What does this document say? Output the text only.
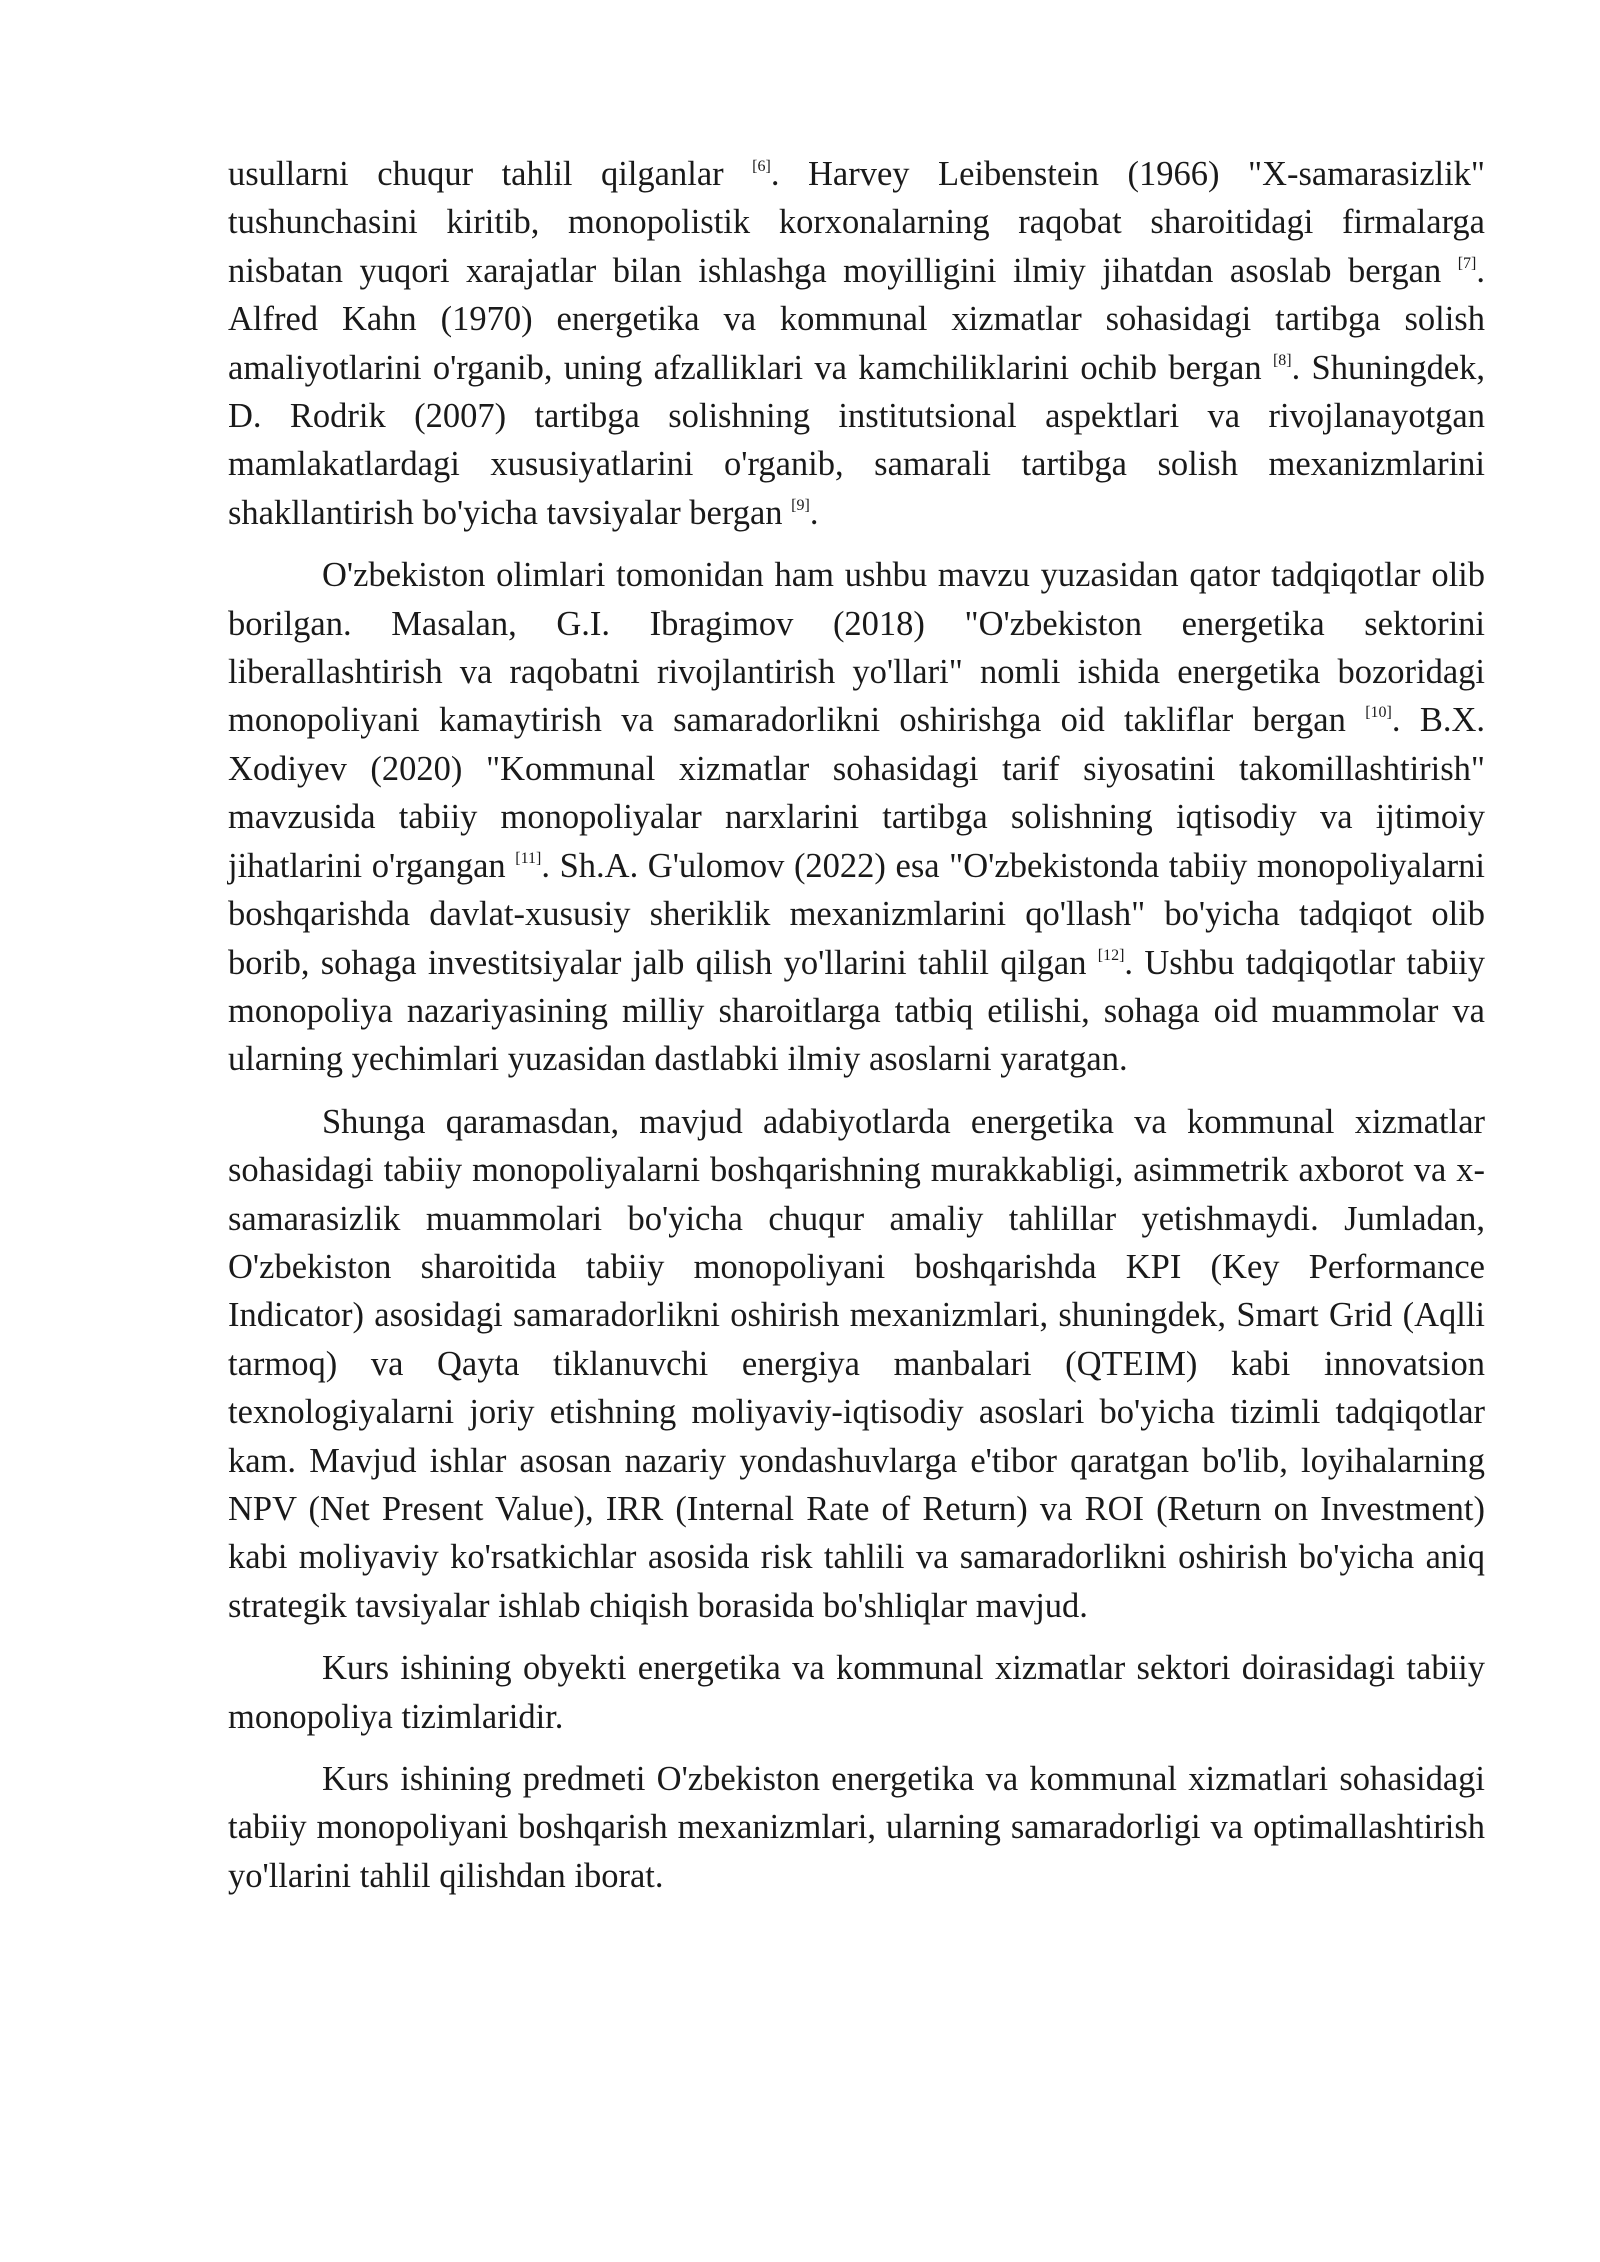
usullarni chuqur tahlil qilganlar [6]. Harvey Leibenstein (1966) "X-samarasizlik" tushunchasini kiritib, monopolistik korxonalarning raqobat sharoitidagi firmalarga nisbatan yuqori xarajatlar bilan ishlashga moyilligini ilmiy jihatdan asoslab bergan [7]. Alfred Kahn (1970) energetika va kommunal xizmatlar sohasidagi tartibga solish amaliyotlarini o'rganib, uning afzalliklari va kamchiliklarini ochib bergan [8]. Shuningdek, D. Rodrik (2007) tartibga solishning institutsional aspektlari va rivojlanayotgan mamlakatlardagi xususiyatlarini o'rganib, samarali tartibga solish mexanizmlarini shakllantirish bo'yicha tavsiyalar bergan [9].

O'zbekiston olimlari tomonidan ham ushbu mavzu yuzasidan qator tadqiqotlar olib borilgan. Masalan, G.I. Ibragimov (2018) "O'zbekiston energetika sektorini liberallashtirish va raqobatni rivojlantirish yo'llari" nomli ishida energetika bozoridagi monopoliyani kamaytirish va samaradorlikni oshirishga oid takliflar bergan [10]. B.X. Xodiyev (2020) "Kommunal xizmatlar sohasidagi tarif siyosatini takomillashtirish" mavzusida tabiiy monopoliyalar narxlarini tartibga solishning iqtisodiy va ijtimoiy jihatlarini o'rgangan [11]. Sh.A. G'ulomov (2022) esa "O'zbekistonda tabiiy monopoliyalarni boshqarishda davlat-xususiy sheriklik mexanizmlarini qo'llash" bo'yicha tadqiqot olib borib, sohaga investitsiyalar jalb qilish yo'llarini tahlil qilgan [12]. Ushbu tadqiqotlar tabiiy monopoliya nazariyasining milliy sharoitlarga tatbiq etilishi, sohaga oid muammolar va ularning yechimlari yuzasidan dastlabki ilmiy asoslarni yaratgan.

Shunga qaramasdan, mavjud adabiyotlarda energetika va kommunal xizmatlar sohasidagi tabiiy monopoliyalarni boshqarishning murakkabligi, asimmetrik axborot va x-samarasizlik muammolari bo'yicha chuqur amaliy tahlillar yetishmaydi. Jumladan, O'zbekiston sharoitida tabiiy monopoliyani boshqarishda KPI (Key Performance Indicator) asosidagi samaradorlikni oshirish mexanizmlari, shuningdek, Smart Grid (Aqlli tarmoq) va Qayta tiklanuvchi energiya manbalari (QTEIM) kabi innovatsion texnologiyalarni joriy etishning moliyaviy-iqtisodiy asoslari bo'yicha tizimli tadqiqotlar kam. Mavjud ishlar asosan nazariy yondashuvlarga e'tibor qaratgan bo'lib, loyihalarning NPV (Net Present Value), IRR (Internal Rate of Return) va ROI (Return on Investment) kabi moliyaviy ko'rsatkichlar asosida risk tahlili va samaradorlikni oshirish bo'yicha aniq strategik tavsiyalar ishlab chiqish borasida bo'shliqlar mavjud.

Kurs ishining obyekti energetika va kommunal xizmatlar sektori doirasidagi tabiiy monopoliya tizimlaridir.

Kurs ishining predmeti O'zbekiston energetika va kommunal xizmatlari sohasidagi tabiiy monopoliyani boshqarish mexanizmlari, ularning samaradorligi va optimallashtirish yo'llarini tahlil qilishdan iborat.
